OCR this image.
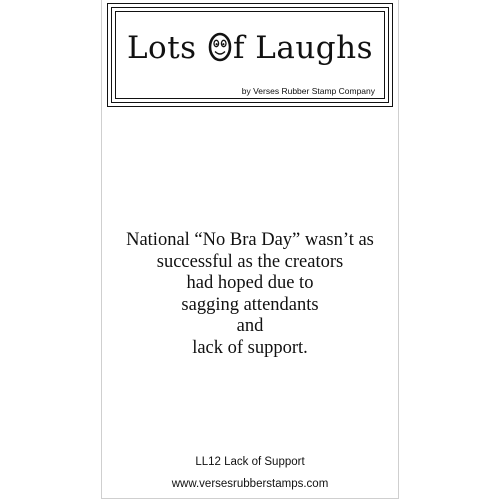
Lots f Laughs
by Verses Rubber Stamp Company
National “No Bra Day” wasn’t as
successful as the creators
had hoped due to
sagging attendants
and
lack of support.
LL12 Lack of Support
www.versesrubberstamps.com
